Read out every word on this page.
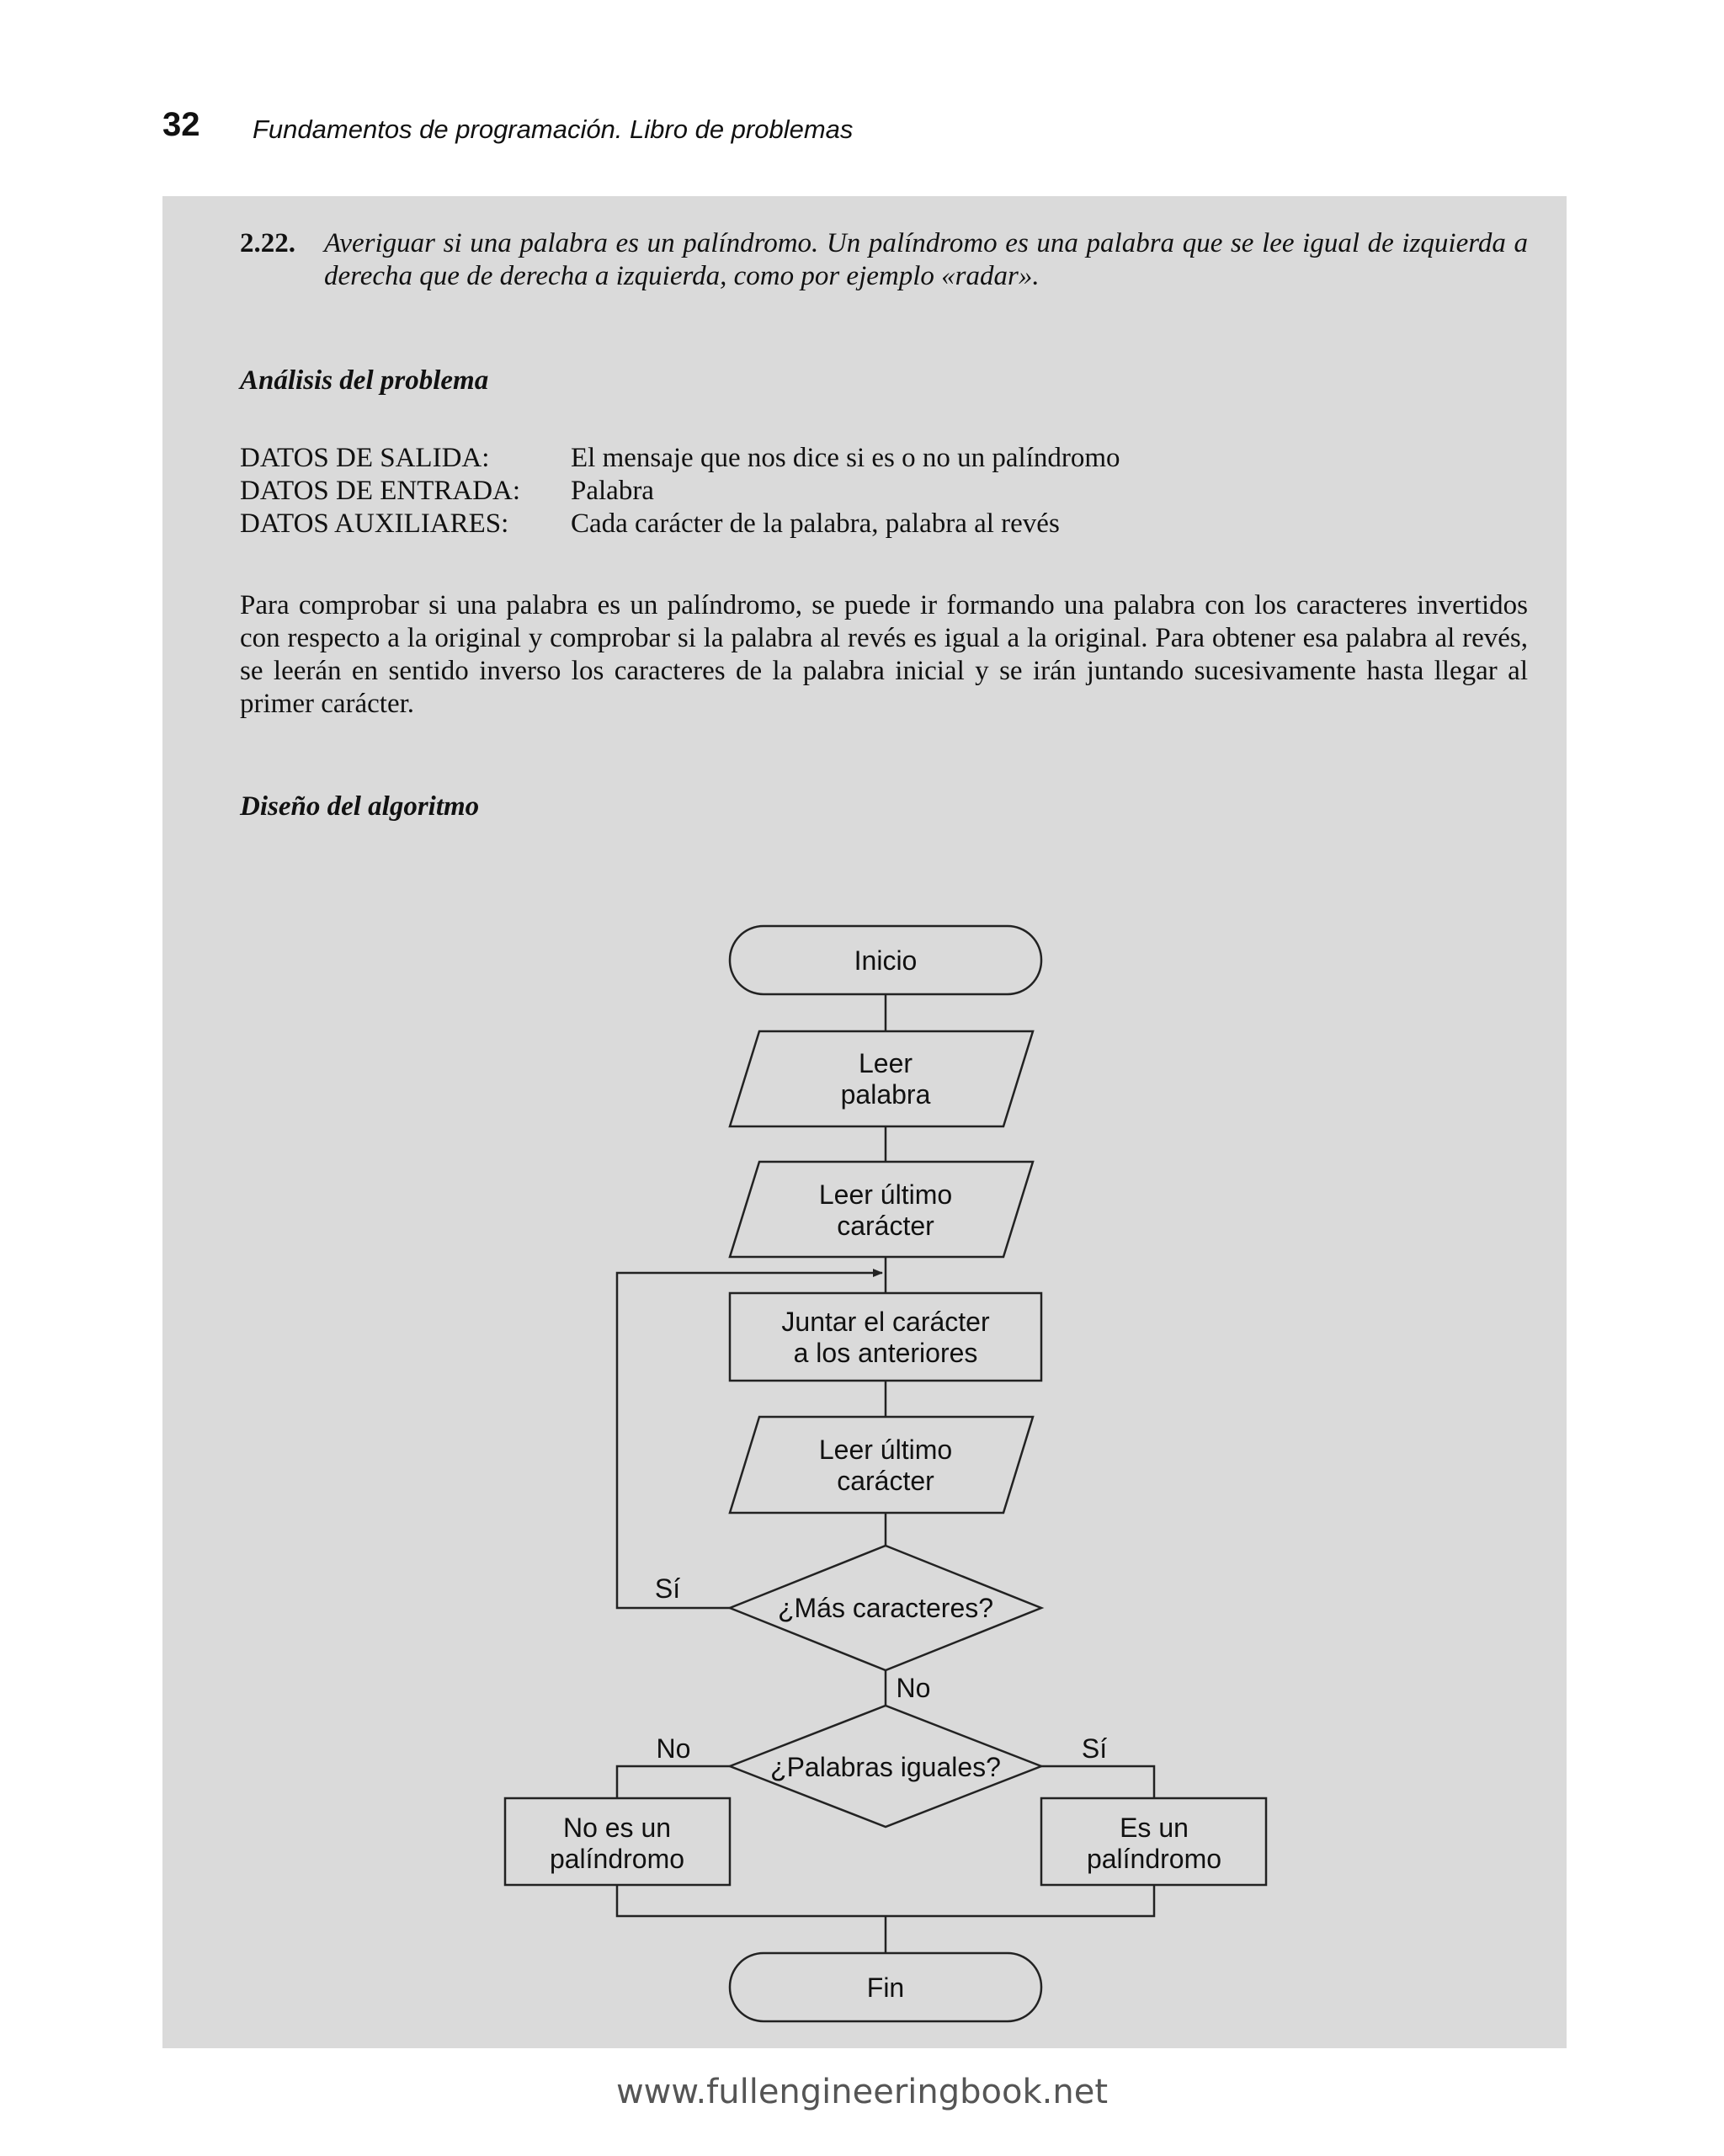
32 Fundamentos de programación. Libro de problemas
2.22. Averiguar si una palabra es un palíndromo. Un palíndromo es una palabra que se lee igual de izquierda a derecha que de derecha a izquierda, como por ejemplo «radar».
Análisis del problema
DATOS DE SALIDA:	El mensaje que nos dice si es o no un palíndromo
DATOS DE ENTRADA:	Palabra
DATOS AUXILIARES:	Cada carácter de la palabra, palabra al revés
Para comprobar si una palabra es un palíndromo, se puede ir formando una palabra con los caracteres invertidos con respecto a la original y comprobar si la palabra al revés es igual a la original. Para obtener esa palabra al revés, se leerán en sentido inverso los caracteres de la palabra inicial y se irán juntando sucesivamente hasta llegar al primer carácter.
Diseño del algoritmo
Inicio
Leer
palabra
Leer último
carácter
Juntar el carácter
a los anteriores
Leer último
carácter
¿Más caracteres?
Sí
No
¿Palabras iguales?
No	Sí
No es un
palíndromo
Es un
palíndromo
Fin
www.fullengineeringbook.net
